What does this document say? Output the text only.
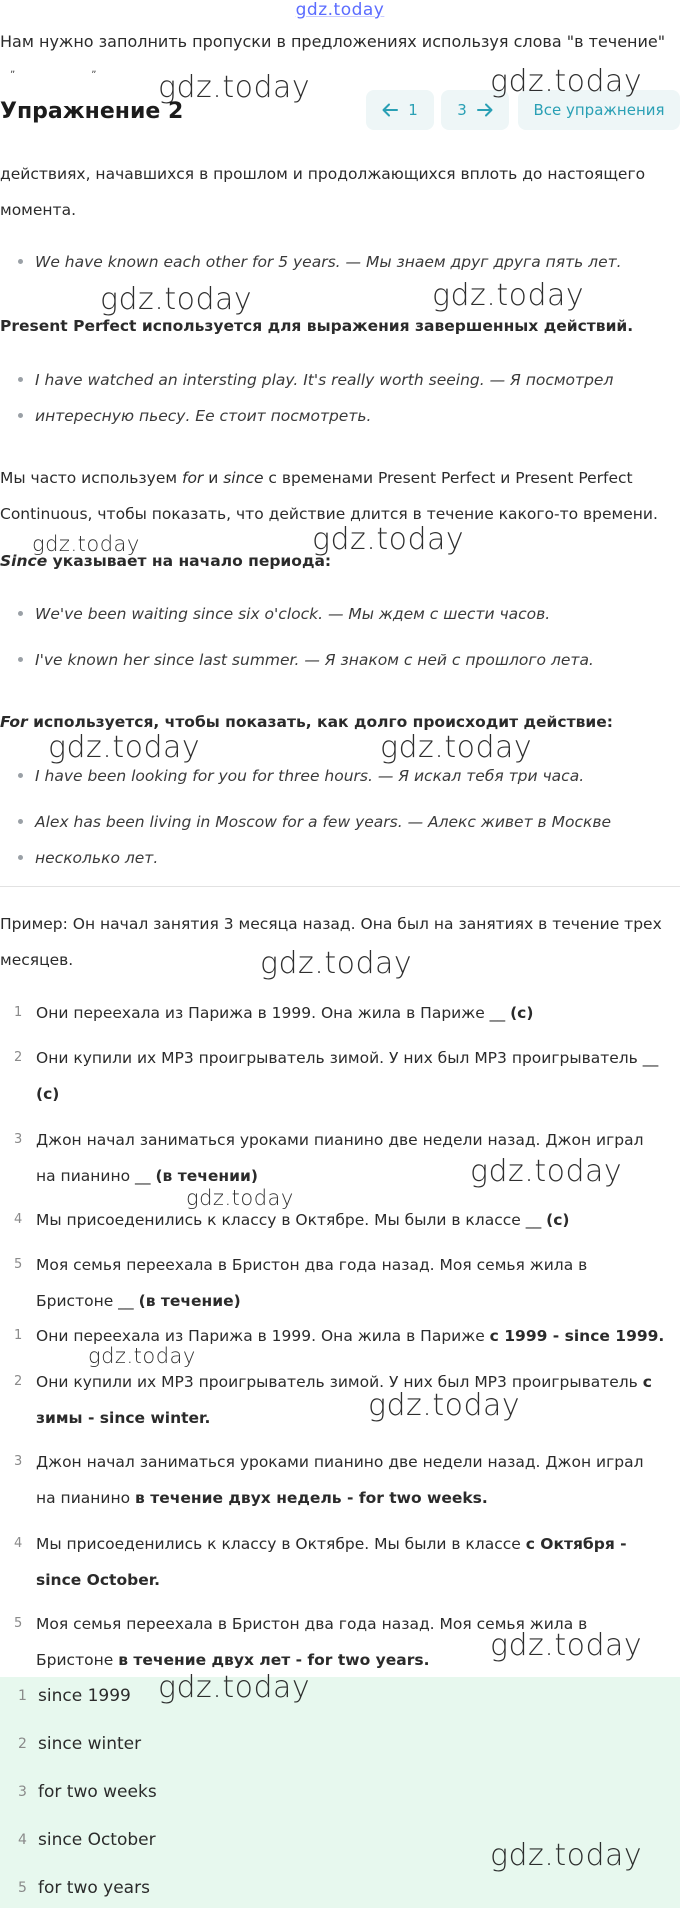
gdz.today
Нам нужно заполнить пропуски в предложениях используя слова "в течение"
„	„
Упражнение 2	1	3	Все упражнения
действиях, начавшихся в прошлом и продолжающихся вплоть до настоящего
момента.
We have known each other for 5 years. — Мы знаем друг друга пять лет.
Present Perfect используется для выражения завершенных действий.
I have watched an intersting play. It's really worth seeing. — Я посмотрел
интересную пьесу. Ее стоит посмотреть.
Мы часто используем for и since с временами Present Perfect и Present Perfect
Continuous, чтобы показать, что действие длится в течение какого-то времени.
Since указывает на начало периода:
We've been waiting since six o'clock. — Мы ждем с шести часов.
I've known her since last summer. — Я знаком с ней с прошлого лета.
For используется, чтобы показать, как долго происходит действие:
I have been looking for you for three hours. — Я искал тебя три часа.
Alex has been living in Moscow for a few years. — Алекс живет в Москве
несколько лет.
Пример: Он начал занятия 3 месяца назад. Она был на занятиях в течение трех
месяцев.
1 Они переехала из Парижа в 1999. Она жила в Париже __ (с)
2 Они купили их MP3 проигрыватель зимой. У них был MP3 проигрыватель __
(с)
3 Джон начал заниматься уроками пианино две недели назад. Джон играл
на пианино __ (в течении)
4 Мы присоеденились к классу в Октябре. Мы были в классе __ (с)
5 Моя семья переехала в Бристон два года назад. Моя семья жила в
Бристоне __ (в течение)
1 Они переехала из Парижа в 1999. Она жила в Париже с 1999 - since 1999.
2 Они купили их MP3 проигрыватель зимой. У них был MP3 проигрыватель с
зимы - since winter.
3 Джон начал заниматься уроками пианино две недели назад. Джон играл
на пианино в течение двух недель - for two weeks.
4 Мы присоеденились к классу в Октябре. Мы были в классе с Октября -
since October.
5 Моя семья переехала в Бристон два года назад. Моя семья жила в
Бристоне в течение двух лет - for two years.
1 since 1999
2 since winter
3 for two weeks
4 since October
5 for two years
gdz.today	gdz.today
gdz.today	gdz.today
gdz.today	gdz.today
gdz.today	gdz.today
gdz.today
gdz.today
gdz.today
gdz.today
gdz.today
gdz.today
gdz.today
gdz.today
